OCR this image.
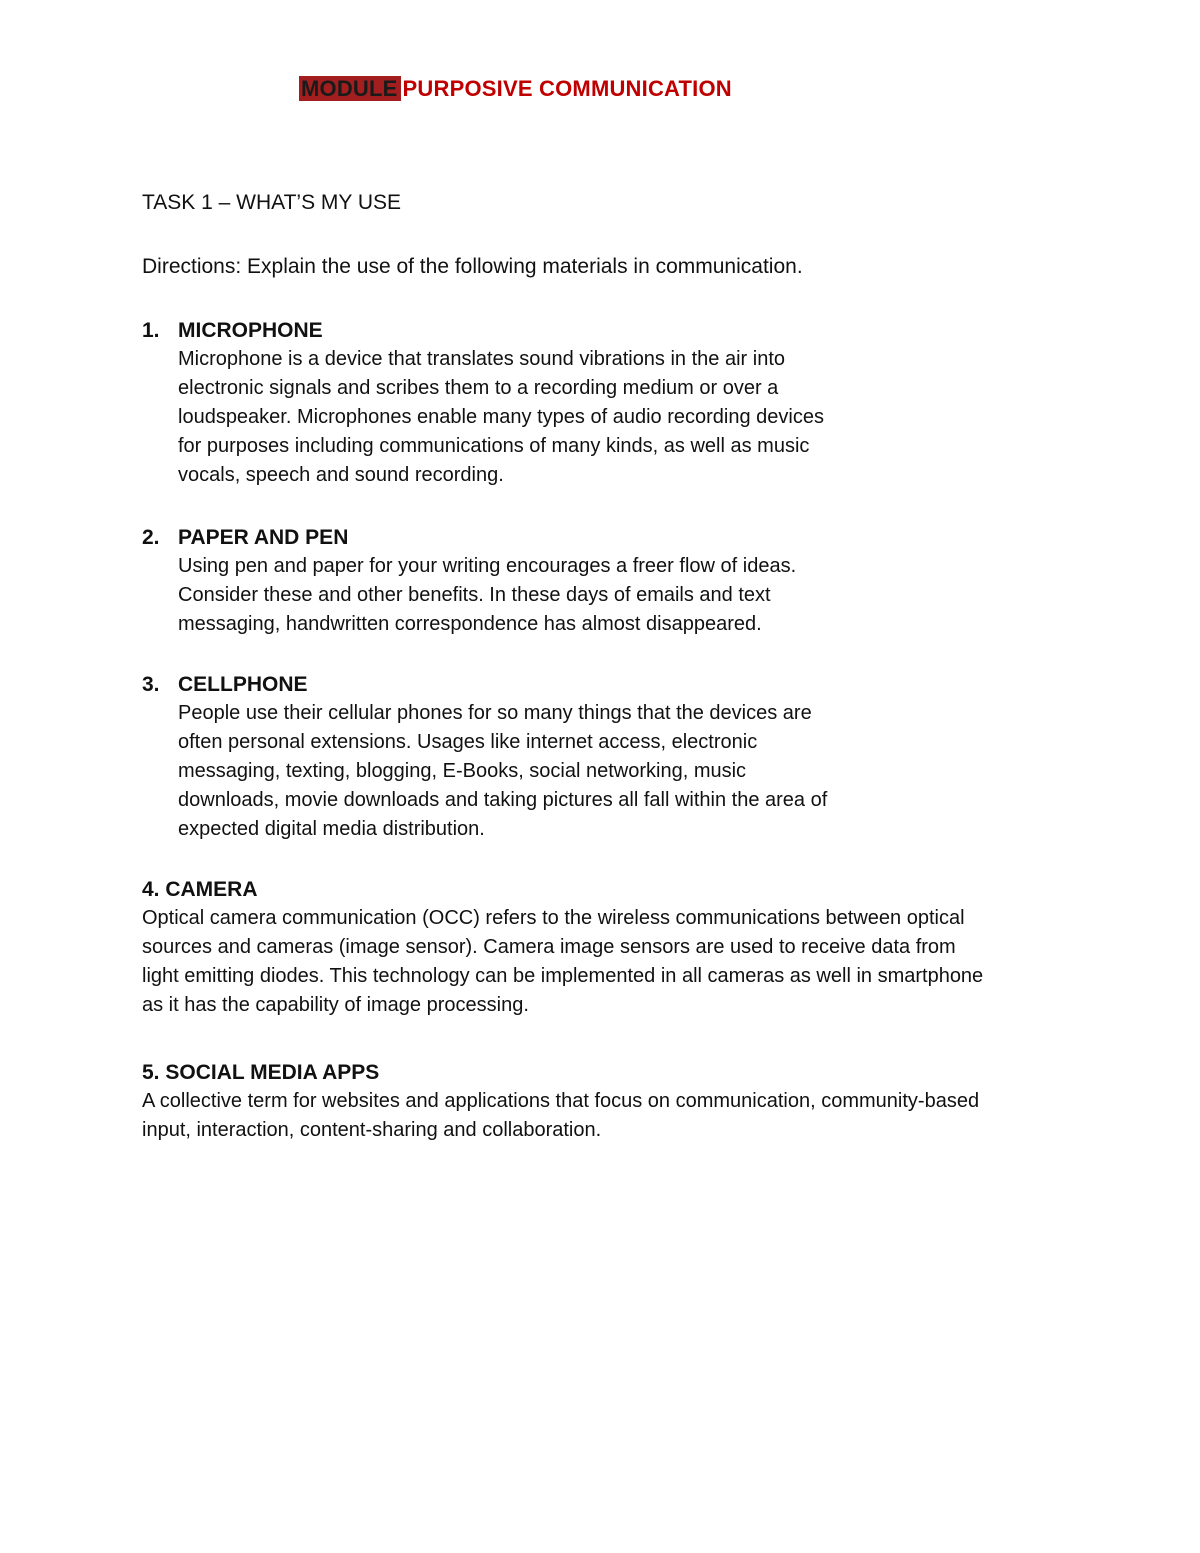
MODULE PURPOSIVE COMMUNICATION
TASK 1 – WHAT’S MY USE

Directions: Explain the use of the following materials in communication.

1. MICROPHONE
Microphone is a device that translates sound vibrations in the air into
electronic signals and scribes them to a recording medium or over a
loudspeaker. Microphones enable many types of audio recording devices
for purposes including communications of many kinds, as well as music
vocals, speech and sound recording.
2. PAPER AND PEN
Using pen and paper for your writing encourages a freer flow of ideas.
Consider these and other benefits. In these days of emails and text
messaging, handwritten correspondence has almost disappeared.
3. CELLPHONE
People use their cellular phones for so many things that the devices are
often personal extensions. Usages like internet access, electronic
messaging, texting, blogging, E-Books, social networking, music
downloads, movie downloads and taking pictures all fall within the area of
expected digital media distribution.
4. CAMERA
Optical camera communication (OCC) refers to the wireless communications between optical
sources and cameras (image sensor). Camera image sensors are used to receive data from
light emitting diodes. This technology can be implemented in all cameras as well in smartphone
as it has the capability of image processing.
5. SOCIAL MEDIA APPS
A collective term for websites and applications that focus on communication, community-based
input, interaction, content-sharing and collaboration.
